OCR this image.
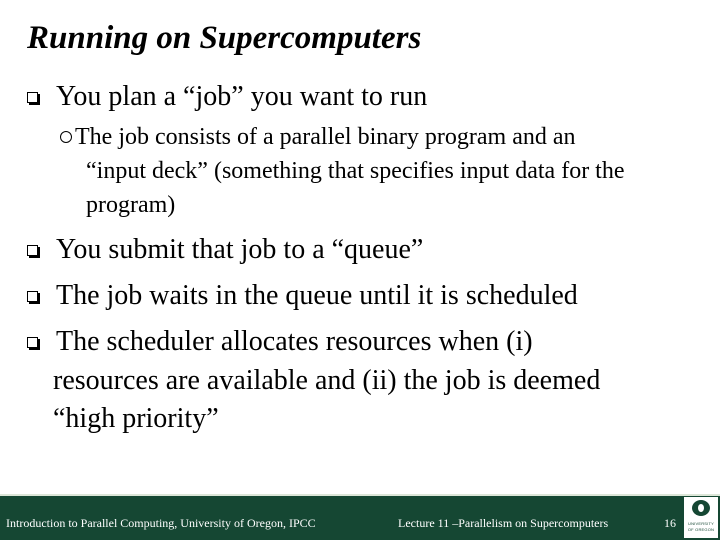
Running on Supercomputers
You plan a “job” you want to run
The job consists of a parallel binary program and an
“input deck” (something that specifies input data for the
program)
You submit that job to a “queue”
The job waits in the queue until it is scheduled
The scheduler allocates resources when (i)
resources are available and (ii) the job is deemed
“high priority”
Introduction to Parallel Computing, University of Oregon, IPCC	Lecture 11 –Parallelism on Supercomputers	16	UNIVERSITY
OF OREGON
